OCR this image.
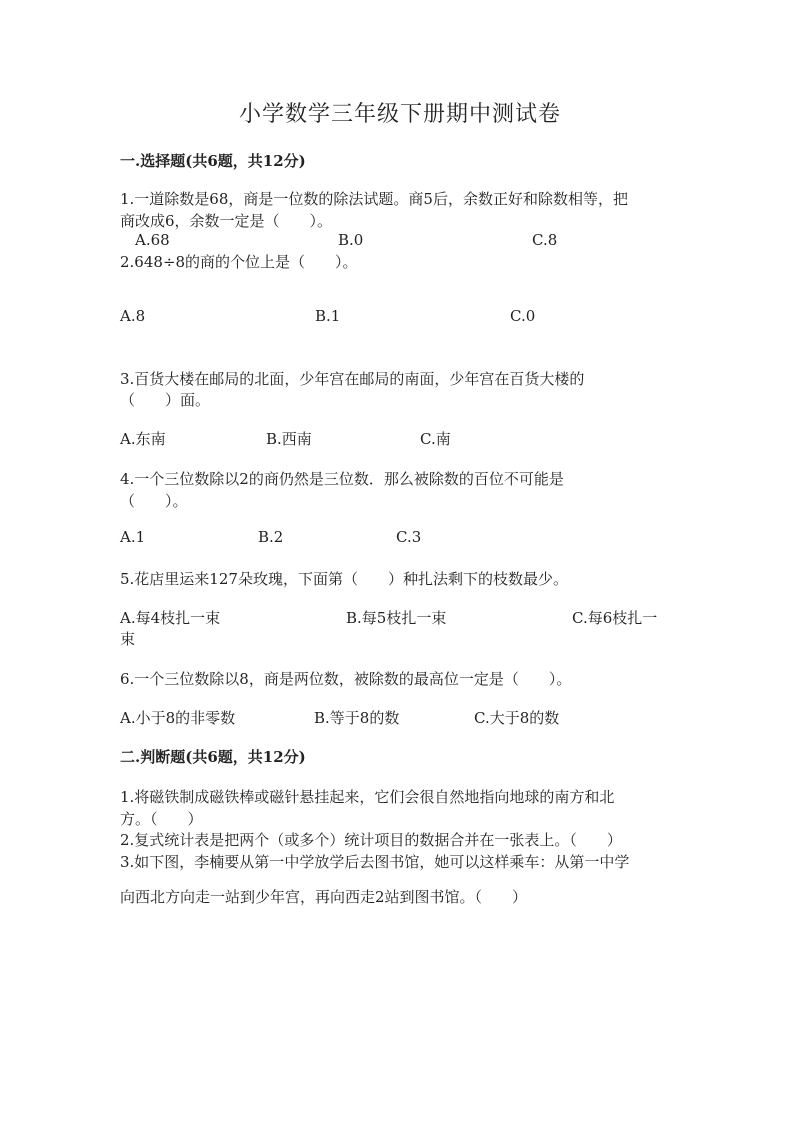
小学数学三年级下册期中测试卷
一.选择题(共6题，共12分)
1.一道除数是68，商是一位数的除法试题。商5后，余数正好和除数相等，把
商改成6，余数一定是（　　）。
A.68	B.0	C.8
2.648÷8的商的个位上是（　　）。
A.8	B.1	C.0
3.百货大楼在邮局的北面，少年宫在邮局的南面，少年宫在百货大楼的
（　　）面。
A.东南	B.西南	C.南
4.一个三位数除以2的商仍然是三位数．那么被除数的百位不可能是
（　　）。
A.1	B.2	C.3
5.花店里运来127朵玫瑰，下面第（　　）种扎法剩下的枝数最少。
A.每4枝扎一束	B.每5枝扎一束	C.每6枝扎一
束
6.一个三位数除以8，商是两位数，被除数的最高位一定是（　　）。
A.小于8的非零数	B.等于8的数	C.大于8的数
二.判断题(共6题，共12分)
1.将磁铁制成磁铁棒或磁针悬挂起来，它们会很自然地指向地球的南方和北
方。（　　）
2.复式统计表是把两个（或多个）统计项目的数据合并在一张表上。（　　）
3.如下图，李楠要从第一中学放学后去图书馆，她可以这样乘车：从第一中学
向西北方向走一站到少年宫，再向西走2站到图书馆。（　　）
